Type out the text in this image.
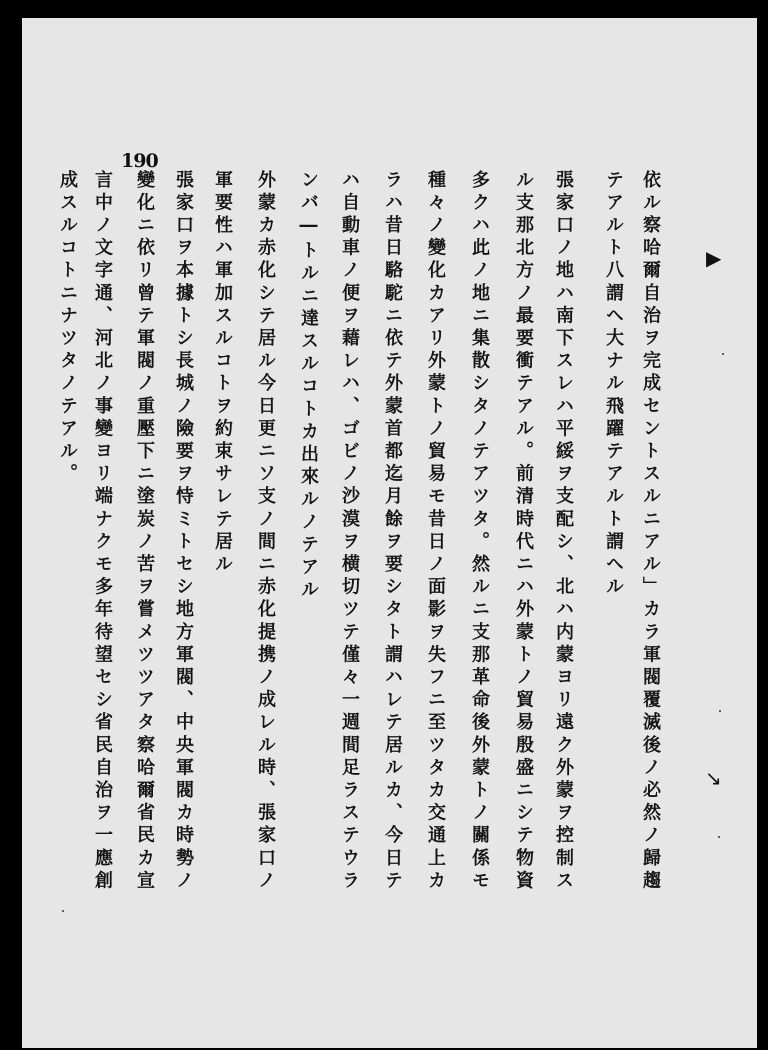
190
依ル察哈爾自治ヲ完成セントスルニアル」カラ軍閥覆滅後ノ必然ノ歸趨
テアルト八謂ヘ大ナル飛躍テアルト謂ヘル
張家口ノ地ハ南下スレハ平綏ヲ支配シ、北ハ内蒙ヨリ遠ク外蒙ヲ控制ス
ル支那北方ノ最要衝テアル。前清時代ニハ外蒙トノ貿易殷盛ニシテ物資
多クハ此ノ地ニ集散シタノテアツタ。然ルニ支那革命後外蒙トノ關係モ
種々ノ變化カアリ外蒙トノ貿易モ昔日ノ面影ヲ失フニ至ツタカ交通上カ
ラハ昔日駱駝ニ依テ外蒙首都迄月餘ヲ要シタト謂ハレテ居ルカ、今日テ
ハ自動車ノ便ヲ藉レハ、ゴビノ沙漠ヲ横切ツテ僅々一週間足ラステウラ
ンバ―トルニ達スルコトカ出來ルノテアル
外蒙カ赤化シテ居ル今日更ニソ支ノ間ニ赤化提携ノ成レル時、張家口ノ
軍要性ハ軍加スルコトヲ約束サレテ居ル
張家口ヲ本據トシ長城ノ險要ヲ恃ミトセシ地方軍閥、中央軍閥カ時勢ノ
變化ニ依リ曾テ軍閥ノ重壓下ニ塗炭ノ苦ヲ嘗メツツアタ察哈爾省民カ宣
言中ノ文字通、河北ノ事變ヨリ端ナクモ多年待望セシ省民自治ヲ一應創
成スルコトニナツタノテアル。	▶
↘
